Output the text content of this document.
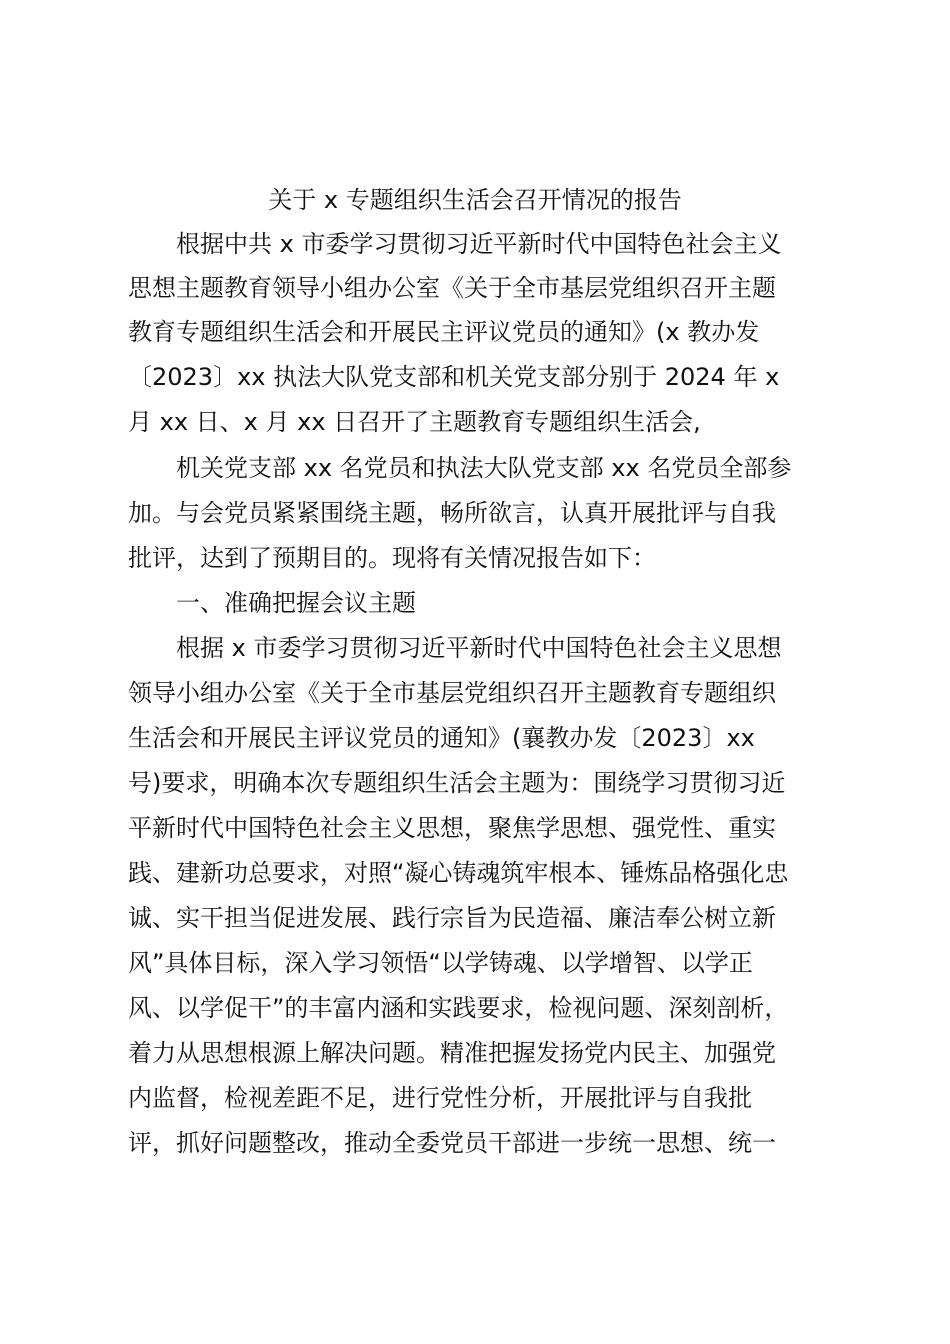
关于 x 专题组织生活会召开情况的报告
根据中共 x 市委学习贯彻习近平新时代中国特色社会主义
思想主题教育领导小组办公室《关于全市基层党组织召开主题
教育专题组织生活会和开展民主评议党员的通知》(x 教办发
〔2023〕xx 执法大队党支部和机关党支部分别于 2024 年 x
月 xx 日、x 月 xx 日召开了主题教育专题组织生活会,
机关党支部 xx 名党员和执法大队党支部 xx 名党员全部参
加。与会党员紧紧围绕主题，畅所欲言，认真开展批评与自我
批评，达到了预期目的。现将有关情况报告如下：
一、准确把握会议主题
根据 x 市委学习贯彻习近平新时代中国特色社会主义思想
领导小组办公室《关于全市基层党组织召开主题教育专题组织
生活会和开展民主评议党员的通知》(襄教办发〔2023〕xx
号)要求，明确本次专题组织生活会主题为：围绕学习贯彻习近
平新时代中国特色社会主义思想，聚焦学思想、强党性、重实
践、建新功总要求，对照“凝心铸魂筑牢根本、锤炼品格强化忠
诚、实干担当促进发展、践行宗旨为民造福、廉洁奉公树立新
风”具体目标，深入学习领悟“以学铸魂、以学增智、以学正
风、以学促干”的丰富内涵和实践要求，检视问题、深刻剖析，
着力从思想根源上解决问题。精准把握发扬党内民主、加强党
内监督，检视差距不足，进行党性分析，开展批评与自我批
评，抓好问题整改，推动全委党员干部进一步统一思想、统一
